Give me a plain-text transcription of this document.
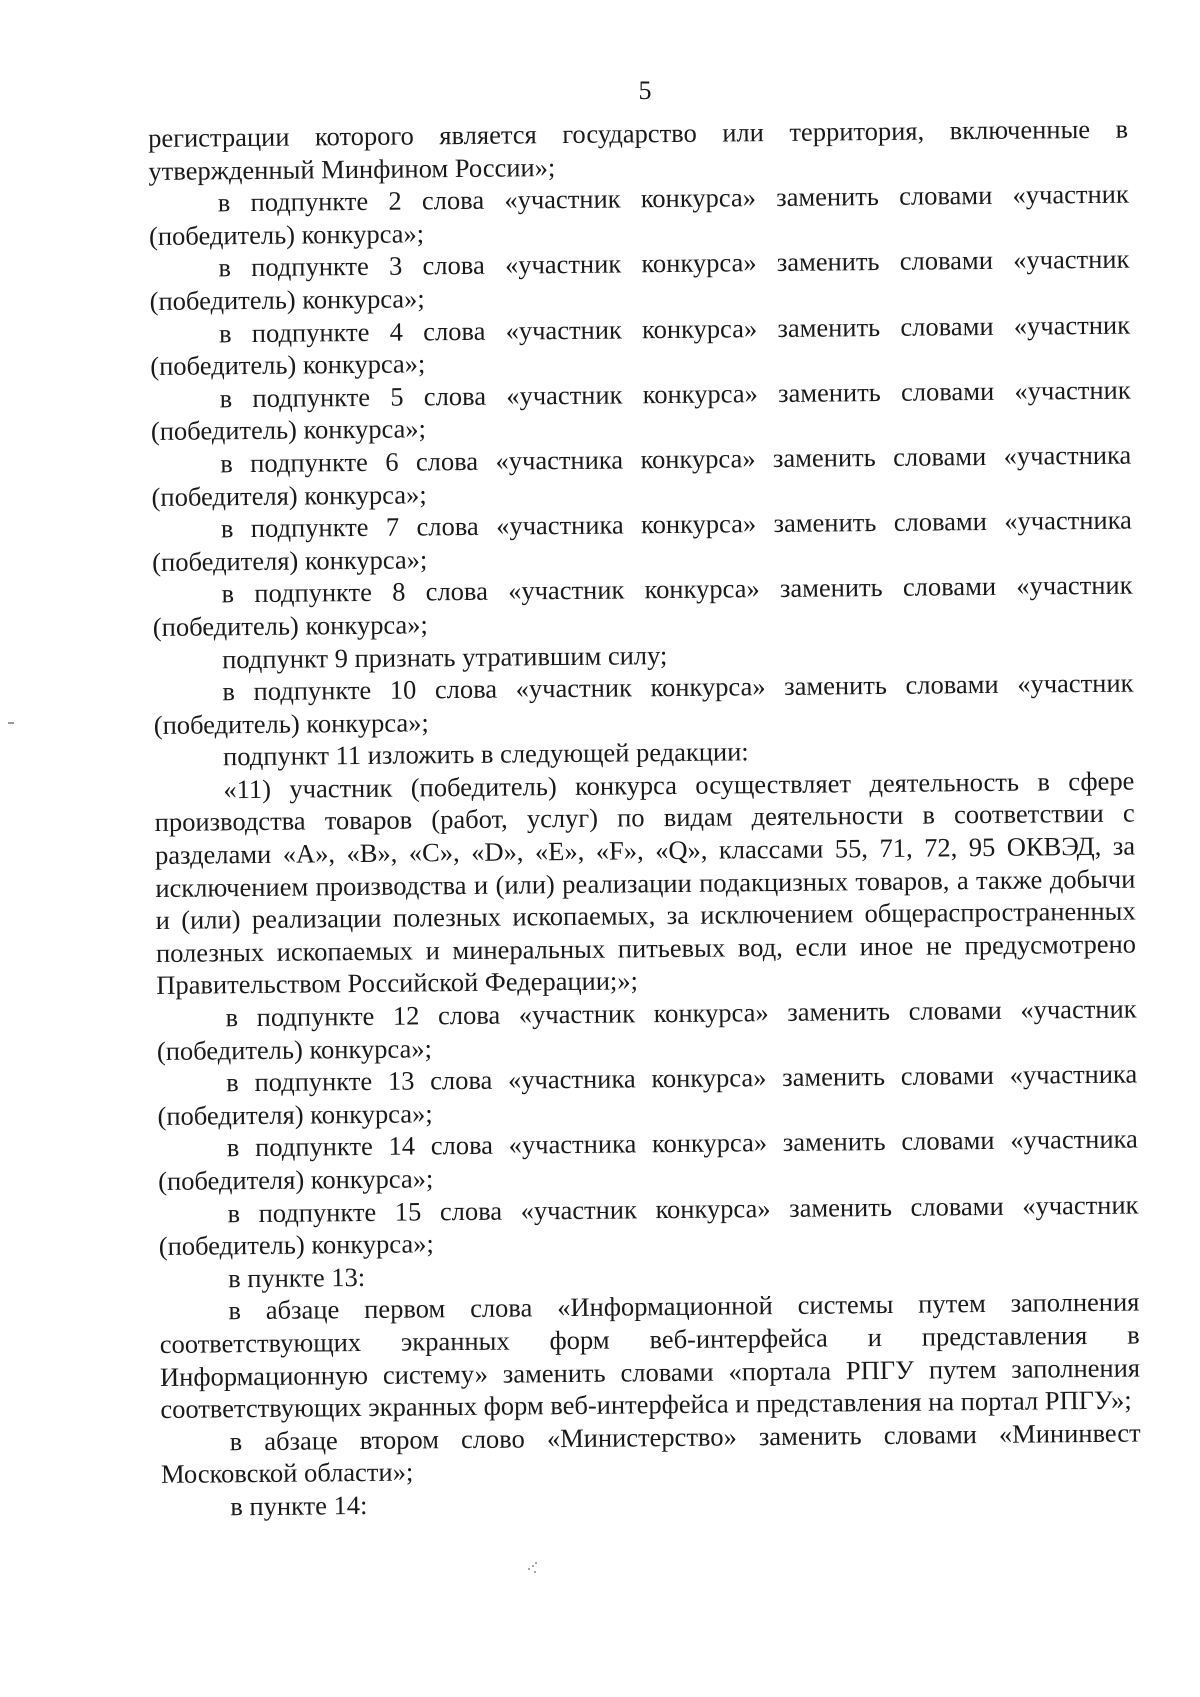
5

регистрации которого является государство или территория, включенные в утвержденный Минфином России»;

в подпункте 2 слова «участник конкурса» заменить словами «участник (победитель) конкурса»;

в подпункте 3 слова «участник конкурса» заменить словами «участник (победитель) конкурса»;

в подпункте 4 слова «участник конкурса» заменить словами «участник (победитель) конкурса»;

в подпункте 5 слова «участник конкурса» заменить словами «участник (победитель) конкурса»;

в подпункте 6 слова «участника конкурса» заменить словами «участника (победителя) конкурса»;

в подпункте 7 слова «участника конкурса» заменить словами «участника (победителя) конкурса»;

в подпункте 8 слова «участник конкурса» заменить словами «участник (победитель) конкурса»;

подпункт 9 признать утратившим силу;

в подпункте 10 слова «участник конкурса» заменить словами «участник (победитель) конкурса»;

подпункт 11 изложить в следующей редакции:

«11) участник (победитель) конкурса осуществляет деятельность в сфере производства товаров (работ, услуг) по видам деятельности в соответствии с разделами «А», «В», «С», «D», «Е», «F», «Q», классами 55, 71, 72, 95 ОКВЭД, за исключением производства и (или) реализации подакцизных товаров, а также добычи и (или) реализации полезных ископаемых, за исключением общераспространенных полезных ископаемых и минеральных питьевых вод, если иное не предусмотрено Правительством Российской Федерации;»;

в подпункте 12 слова «участник конкурса» заменить словами «участник (победитель) конкурса»;

в подпункте 13 слова «участника конкурса» заменить словами «участника (победителя) конкурса»;

в подпункте 14 слова «участника конкурса» заменить словами «участника (победителя) конкурса»;

в подпункте 15 слова «участник конкурса» заменить словами «участник (победитель) конкурса»;

в пункте 13:

в абзаце первом слова «Информационной системы путем заполнения соответствующих экранных форм веб-интерфейса и представления в Информационную систему» заменить словами «портала РПГУ путем заполнения соответствующих экранных форм веб-интерфейса и представления на портал РПГУ»;

в абзаце втором слово «Министерство» заменить словами «Мининвест Московской области»;

в пункте 14:
